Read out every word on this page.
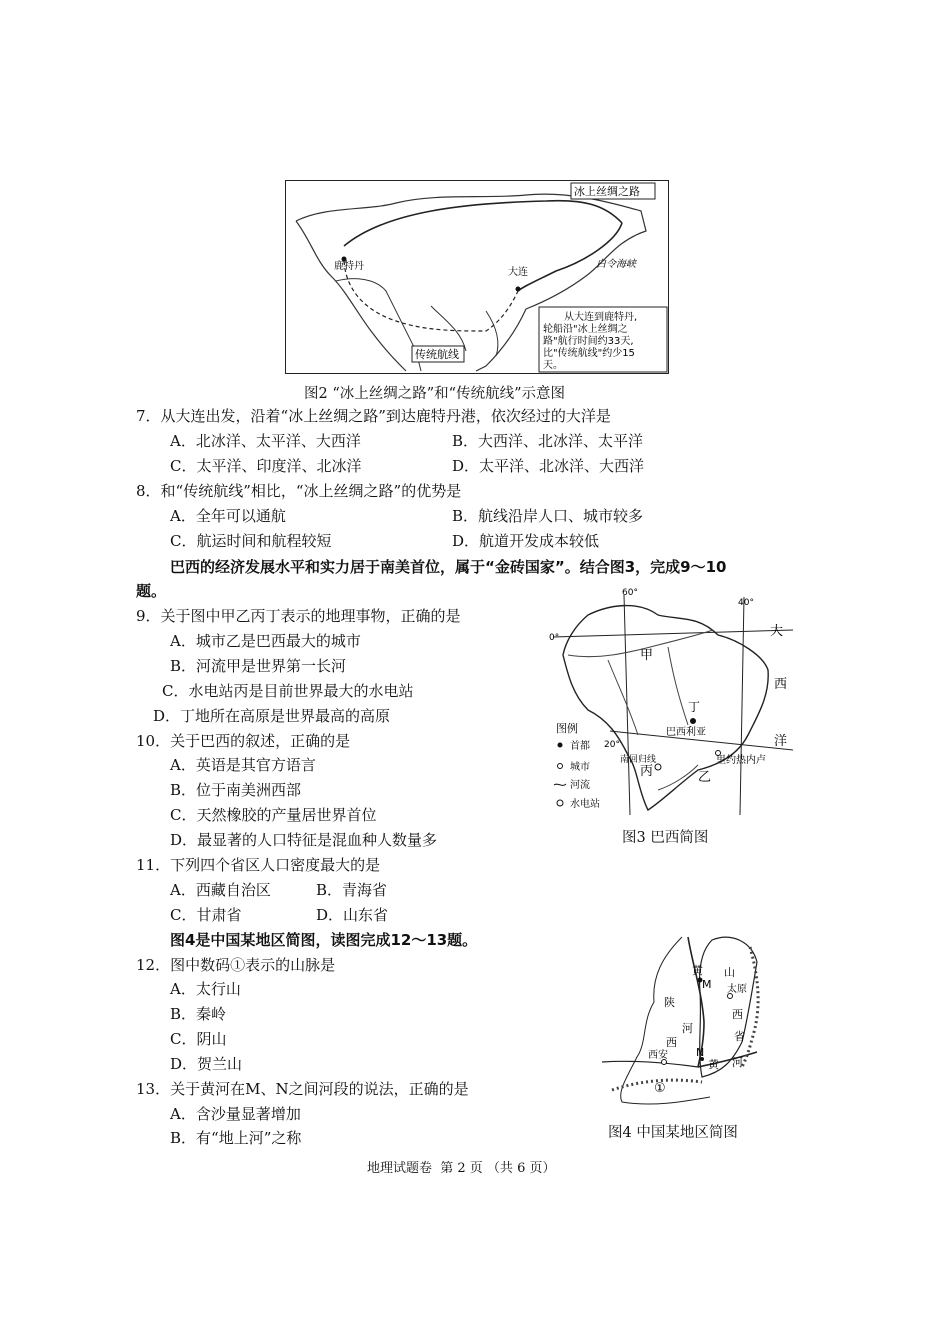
鹿特丹
大连
白令海峡
冰上丝绸之路
传统航线
从大连到鹿特丹,
轮船沿"冰上丝绸之
路"航行时间约33天,
比"传统航线"约少15
天。
图2 “冰上丝绸之路”和“传统航线”示意图
7．从大连出发，沿着“冰上丝绸之路”到达鹿特丹港，依次经过的大洋是
A．北冰洋、太平洋、大西洋	B．大西洋、北冰洋、太平洋
C．太平洋、印度洋、北冰洋	D．太平洋、北冰洋、大西洋
8．和“传统航线”相比，“冰上丝绸之路”的优势是
A．全年可以通航	B．航线沿岸人口、城市较多
C．航运时间和航程较短	D．航道开发成本较低
巴西的经济发展水平和实力居于南美首位，属于“金砖国家”。结合图3，完成9～10
题。
9．关于图中甲乙丙丁表示的地理事物，正确的是
A．城市乙是巴西最大的城市
B．河流甲是世界第一长河
C．水电站丙是目前世界最大的水电站
D．丁地所在高原是世界最高的高原
10．关于巴西的叙述，正确的是
A．英语是其官方语言
B．位于南美洲西部
C．天然橡胶的产量居世界首位
D．最显著的人口特征是混血种人数量多
60°
40°
0°
20°
甲
丁
巴西利亚
南回归线	里约热内卢
丙	乙
大
西
洋
图例
首都
城市
河流
水电站
图3 巴西简图
11．下列四个省区人口密度最大的是
A．西藏自治区	B．青海省
C．甘肃省	D．山东省
图4是中国某地区简图，读图完成12～13题。
12．图中数码①表示的山脉是
A．太行山
B．秦岭
C．阴山
D．贺兰山
13．关于黄河在M、N之间河段的说法，正确的是
A．含沙量显著增加
B．有“地上河”之称
黄
M
山
太原
西
省
陕
西
河
N
西安
黄 河
①
图4 中国某地区简图
地理试题卷  第 2 页 （共 6 页）
